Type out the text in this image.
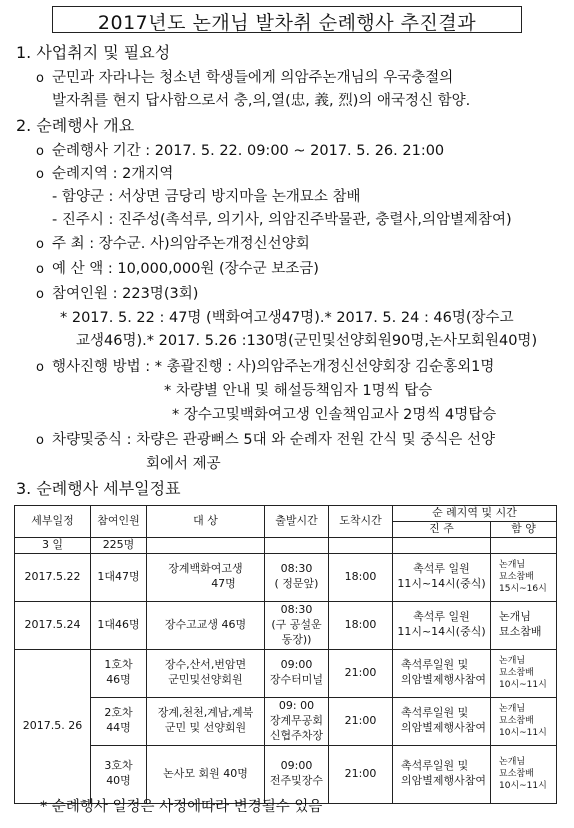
2017년도 논개님 발차취 순례행사 추진결과
1. 사업취지 및 필요성
o 군민과 자라나는 청소년 학생들에게 의암주논개님의 우국충절의
발자취를 현지 답사함으로서 충,의,열(忠, 義, 烈)의 애국정신 함양.
2. 순례행사 개요
o 순례행사 기간 : 2017. 5. 22. 09:00 ~ 2017. 5. 26. 21:00
o 순례지역 : 2개지역
- 함양군 : 서상면 금당리 방지마을 논개묘소 참배
- 진주시 : 진주성(촉석루, 의기사, 의암진주박물관, 충렬사,의암별제참여)
o 주 최 : 장수군. 사)의암주논개정신선양회
o 예 산 액 : 10,000,000원 (장수군 보조금)
o 참여인원 : 223명(3회)
* 2017. 5. 22 : 47명 (백화여고생47명).* 2017. 5. 24 : 46명(장수고
교생46명).* 2017. 5.26 :130명(군민및선양회원90명,논사모회원40명)
o 행사진행 방법 : * 총괄진행 : 사)의암주논개정신선양회장 김순홍외1명
* 차량별 안내 및 해설등책임자 1명씩 탑승
* 장수고및백화여고생 인솔책임교사 2명씩 4명탑승
o 차량및중식 : 차량은 관광뻐스 5대 와 순례자 전원 간식 및 중식은 선양
회에서 제공
3. 순례행사 세부일정표
세부일정	참여인원	대 상	출발시간	도착시간	순 례지역 및 시간	
					진 주	함 양
3 일	225명					
2017.5.22	1대47명	장계백화여고생
47명	08:30
( 정문앞)	18:00	촉석루 일원
11시~14시(중식)	논개님
묘소참배
15시~16시

2017.5.24	1대46명	장수고교생 46명	08:30
(구 공설운
동장))	18:00	촉석루 일원
11시~14시(중식)	논개님
묘소참배

2017.5. 26	1호차
46명	장수,산서,번암면
군민및선양회원	09:00
장수터미널	21:00	촉석루일원 및
의암별제행사참여	논개님
묘소참배
10시~11시

	2호차
44명	장계,천천,계남,계북
군민 및 선양회원	09: 00
장계무공회
신협주차장	21:00	촉석루일원 및
의암별제행사참여	논개님
묘소참배
10시~11시

	3호차
40명	논사모 회원 40명	09:00
전주및장수	21:00	촉석루일원 및
의암별제행사참여	논개님
묘소참배
10시~11시
* 순례행사 일정은 사정에따라 변경될수 있음
